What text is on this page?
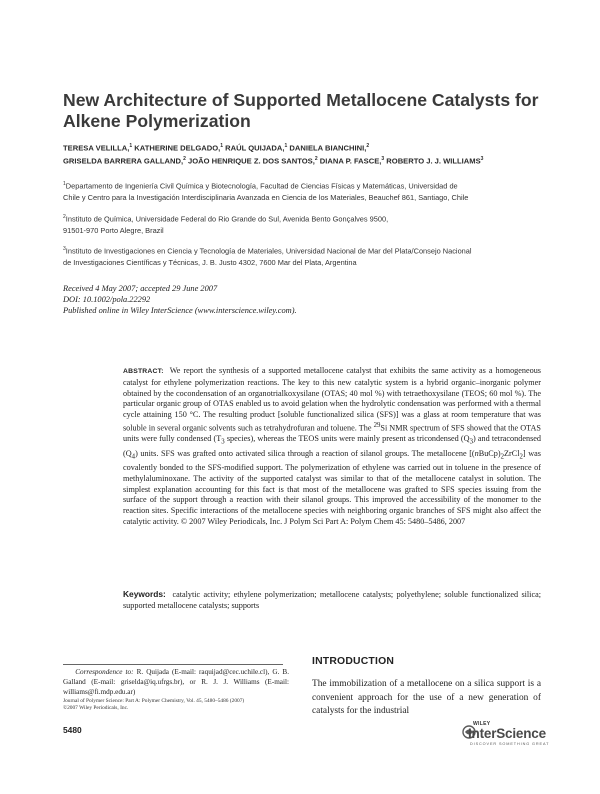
New Architecture of Supported Metallocene Catalysts for
Alkene Polymerization
TERESA VELILLA,$^1$ KATHERINE DELGADO,$^1$ RAÚL QUIJADA,$^1$ DANIELA BIANCHINI,$^2$
GRISELDA BARRERA GALLAND,$^2$ JOÃO HENRIQUE Z. DOS SANTOS,$^2$ DIANA P. FASCE,$^3$ ROBERTO J. J. WILLIAMS$^3$
$^1$Departamento de Ingeniería Civil Química y Biotecnología, Facultad de Ciencias Físicas y Matemáticas, Universidad de
Chile y Centro para la Investigación Interdisciplinaria Avanzada en Ciencia de los Materiales, Beauchef 861, Santiago, Chile
$^2$Instituto de Química, Universidade Federal do Rio Grande do Sul, Avenida Bento Gonçalves 9500,
91501-970 Porto Alegre, Brazil
$^3$Instituto de Investigaciones en Ciencia y Tecnología de Materiales, Universidad Nacional de Mar del Plata/Consejo Nacional
de Investigaciones Científicas y Técnicas, J. B. Justo 4302, 7600 Mar del Plata, Argentina
Received 4 May 2007; accepted 29 June 2007
DOI: 10.1002/pola.22292
Published online in Wiley InterScience (www.interscience.wiley.com).
ABSTRACT: We report the synthesis of a supported metallocene catalyst that exhibits the same activity as a homogeneous catalyst for ethylene polymerization reactions. The key to this new catalytic system is a hybrid organic–inorganic polymer obtained by the cocondensation of an organotrialkoxysilane (OTAS; 40 mol %) with tetraethoxysilane (TEOS; 60 mol %). The particular organic group of OTAS enabled us to avoid gelation when the hydrolytic condensation was performed with a thermal cycle attaining 150 °C. The resulting product [soluble functionalized silica (SFS)] was a glass at room temperature that was soluble in several organic solvents such as tetrahydrofuran and toluene. The $^{29}$Si NMR spectrum of SFS showed that the OTAS units were fully condensed ($T_3$ species), whereas the TEOS units were mainly present as tricondensed $(Q_3)$ and tetracondensed $(Q_4)$ units. SFS was grafted onto activated silica through a reaction of silanol groups. The metallocene $[(nBuCp)_2ZrCl_2]$ was covalently bonded to the SFS-modified support. The polymerization of ethylene was carried out in toluene in the presence of methylaluminoxane. The activity of the supported catalyst was similar to that of the metallocene catalyst in solution. The simplest explanation accounting for this fact is that most of the metallocene was grafted to SFS species issuing from the surface of the support through a reaction with their silanol groups. This improved the accessibility of the monomer to the reaction sites. Specific interactions of the metallocene species with neighboring organic branches of SFS might also affect the catalytic activity. © 2007 Wiley Periodicals, Inc. J Polym Sci Part A: Polym Chem 45: 5480–5486, 2007
Keywords: catalytic activity; ethylene polymerization; metallocene catalysts; polyethylene; soluble functionalized silica; supported metallocene catalysts; supports
Correspondence to: R. Quijada (E-mail: raquijad@cec.uchile.cl), G. B. Galland (E-mail: griselda@iq.ufrgs.br), or R. J. J. Williams (E-mail: williams@fi.mdp.edu.ar)
Journal of Polymer Science: Part A: Polymer Chemistry, Vol. 45, 5480–5486 (2007)
©2007 Wiley Periodicals, Inc.
5480
INTRODUCTION
The immobilization of a metallocene on a silica support is a convenient approach for the use of a new generation of catalysts for the industrial
WILEY
InterScience
DISCOVER SOMETHING GREAT
